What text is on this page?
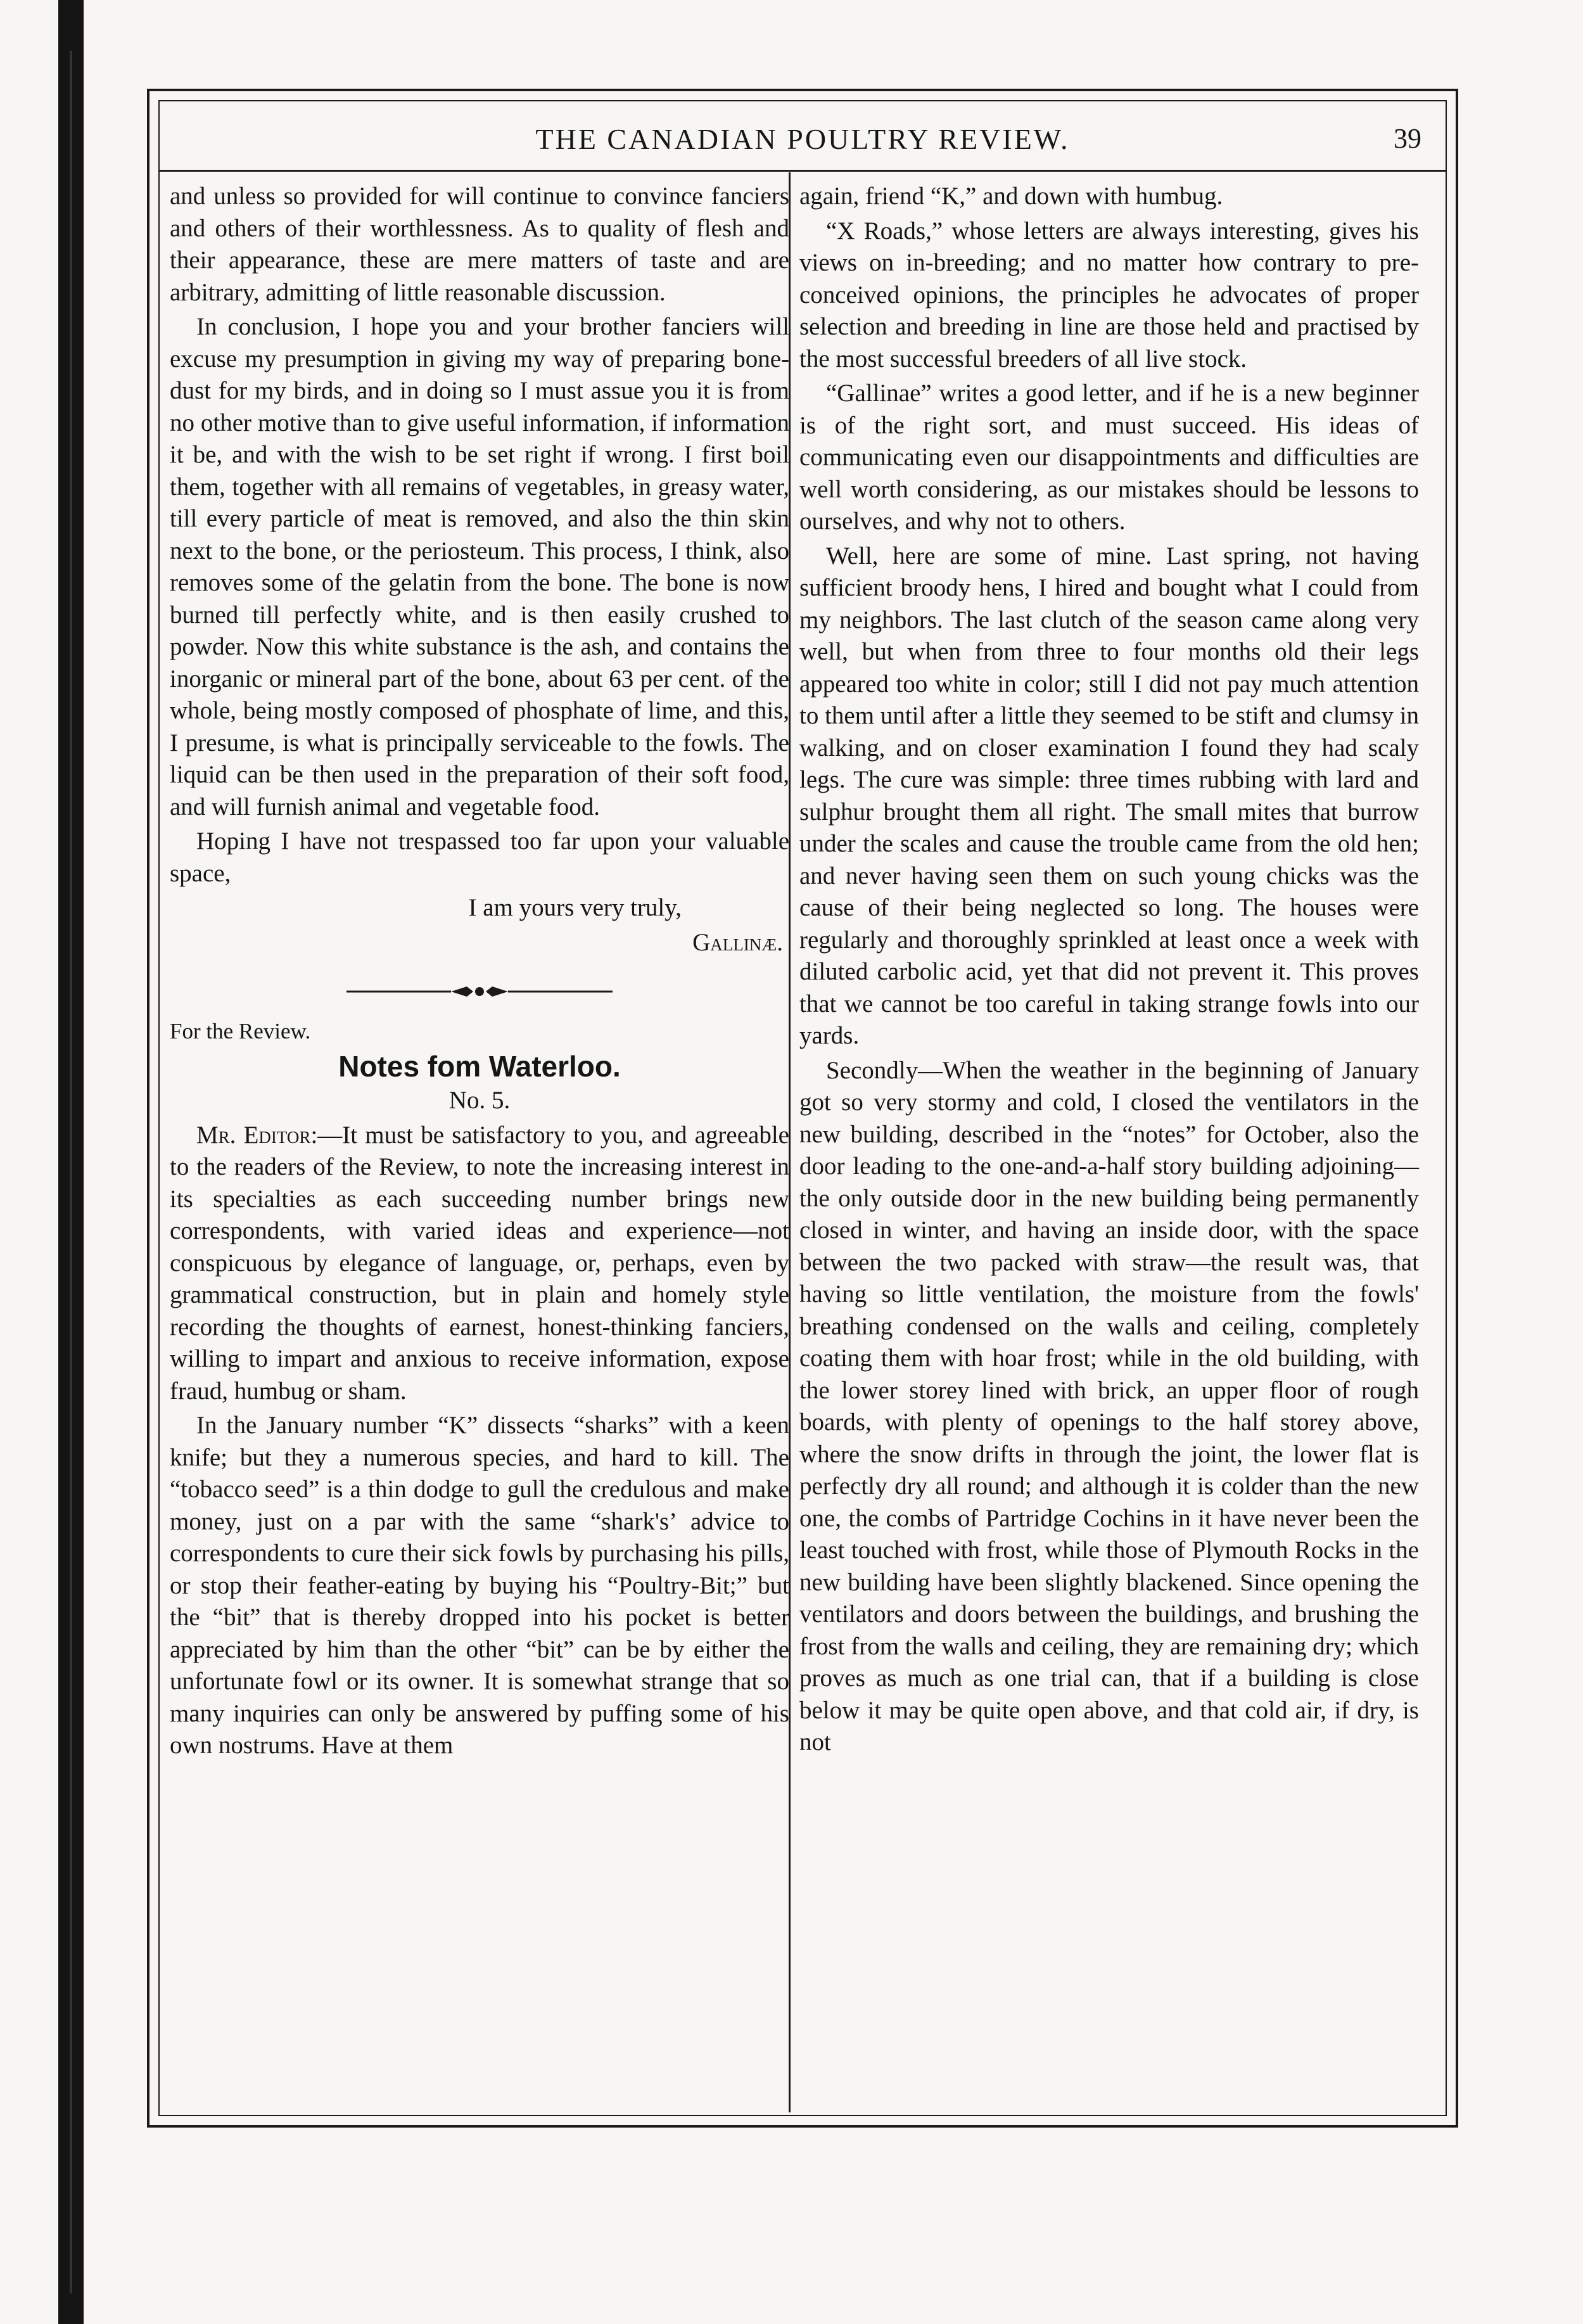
THE CANADIAN POULTRY REVIEW.	39

and unless so provided for will continue to convince fanciers and others of their worthlessness. As to quality of flesh and their appearance, these are mere matters of taste and are arbitrary, admitting of little reasonable discussion.

In conclusion, I hope you and your brother fanciers will excuse my presumption in giving my way of preparing bone-dust for my birds, and in doing so I must assue you it is from no other motive than to give useful information, if information it be, and with the wish to be set right if wrong. I first boil them, together with all remains of vegetables, in greasy water, till every particle of meat is removed, and also the thin skin next to the bone, or the periosteum. This process, I think, also removes some of the gelatin from the bone. The bone is now burned till perfectly white, and is then easily crushed to powder. Now this white substance is the ash, and contains the inorganic or mineral part of the bone, about 63 per cent. of the whole, being mostly composed of phosphate of lime, and this, I presume, is what is principally serviceable to the fowls. The liquid can be then used in the preparation of their soft food, and will furnish animal and vegetable food.

Hoping I have not trespassed too far upon your valuable space,

I am yours very truly,

Gallinæ.

For the Review.

Notes fom Waterloo.

No. 5.

Mr. Editor:—It must be satisfactory to you, and agreeable to the readers of the Review, to note the increasing interest in its specialties as each succeeding number brings new correspondents, with varied ideas and experience—not conspicuous by elegance of language, or, perhaps, even by grammatical construction, but in plain and homely style recording the thoughts of earnest, honest-thinking fanciers, willing to impart and anxious to receive information, expose fraud, humbug or sham.

In the January number “K” dissects “sharks” with a keen knife; but they a numerous species, and hard to kill. The “tobacco seed” is a thin dodge to gull the credulous and make money, just on a par with the same “shark's’ advice to correspondents to cure their sick fowls by purchasing his pills, or stop their feather-eating by buying his “Poultry-Bit;” but the “bit” that is thereby dropped into his pocket is better appreciated by him than the other “bit” can be by either the unfortunate fowl or its owner. It is somewhat strange that so many inquiries can only be answered by puffing some of his own nostrums. Have at them

again, friend “K,” and down with humbug.

“X Roads,” whose letters are always interesting, gives his views on in-breeding; and no matter how contrary to pre-conceived opinions, the principles he advocates of proper selection and breeding in line are those held and practised by the most successful breeders of all live stock.

“Gallinae” writes a good letter, and if he is a new beginner is of the right sort, and must succeed. His ideas of communicating even our disappointments and difficulties are well worth considering, as our mistakes should be lessons to ourselves, and why not to others.

Well, here are some of mine. Last spring, not having sufficient broody hens, I hired and bought what I could from my neighbors. The last clutch of the season came along very well, but when from three to four months old their legs appeared too white in color; still I did not pay much attention to them until after a little they seemed to be stift and clumsy in walking, and on closer examination I found they had scaly legs. The cure was simple: three times rubbing with lard and sulphur brought them all right. The small mites that burrow under the scales and cause the trouble came from the old hen; and never having seen them on such young chicks was the cause of their being neglected so long. The houses were regularly and thoroughly sprinkled at least once a week with diluted carbolic acid, yet that did not prevent it. This proves that we cannot be too careful in taking strange fowls into our yards.

Secondly—When the weather in the beginning of January got so very stormy and cold, I closed the ventilators in the new building, described in the “notes” for October, also the door leading to the one-and-a-half story building adjoining—the only outside door in the new building being permanently closed in winter, and having an inside door, with the space between the two packed with straw—the result was, that having so little ventilation, the moisture from the fowls' breathing condensed on the walls and ceiling, completely coating them with hoar frost; while in the old building, with the lower storey lined with brick, an upper floor of rough boards, with plenty of openings to the half storey above, where the snow drifts in through the joint, the lower flat is perfectly dry all round; and although it is colder than the new one, the combs of Partridge Cochins in it have never been the least touched with frost, while those of Plymouth Rocks in the new building have been slightly blackened. Since opening the ventilators and doors between the buildings, and brushing the frost from the walls and ceiling, they are remaining dry; which proves as much as one trial can, that if a building is close below it may be quite open above, and that cold air, if dry, is not
